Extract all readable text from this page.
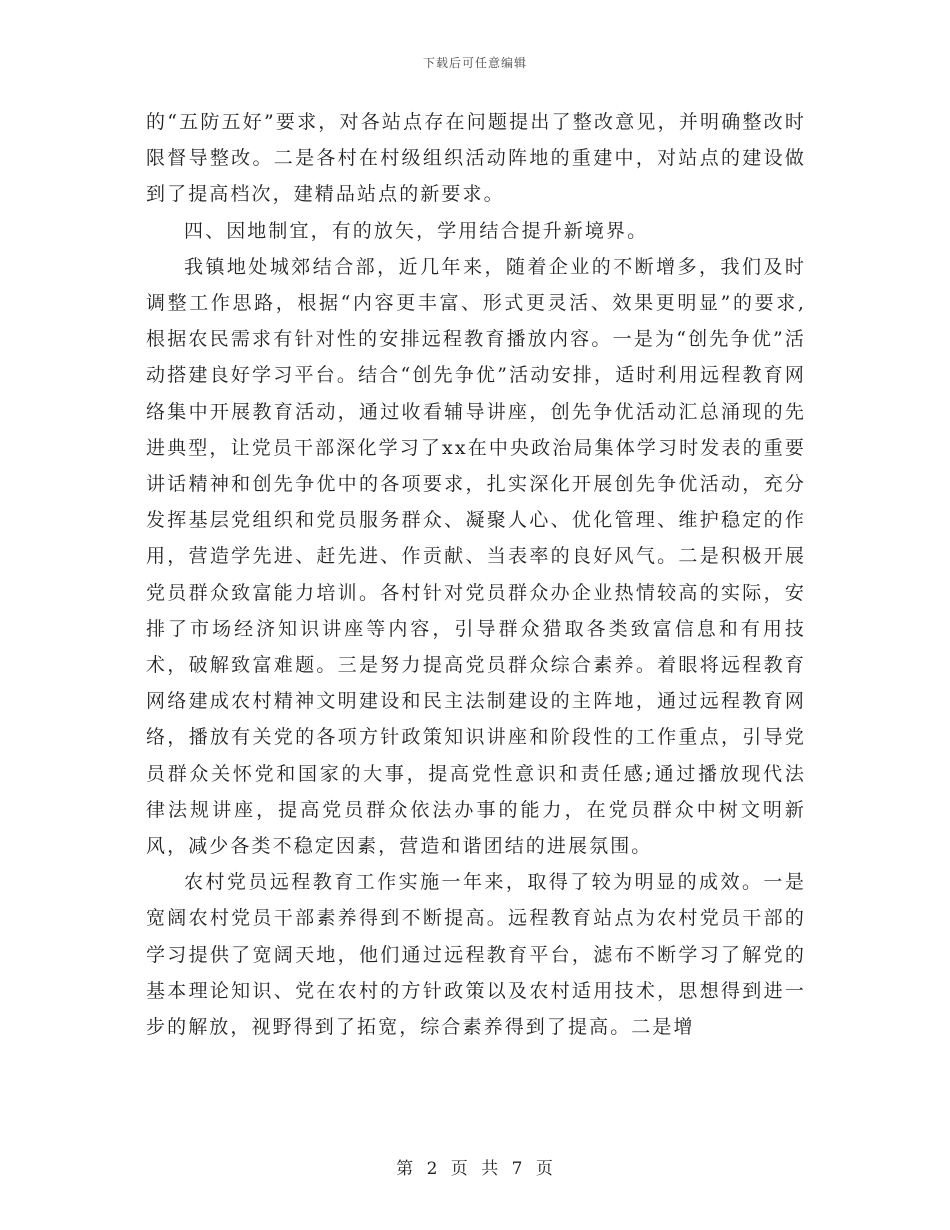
下载后可任意编辑

的“五防五好”要求，对各站点存在问题提出了整改意见，并明确整改时限督导整改。二是各村在村级组织活动阵地的重建中，对站点的建设做到了提高档次，建精品站点的新要求。

四、因地制宜，有的放矢，学用结合提升新境界。

我镇地处城郊结合部，近几年来，随着企业的不断增多，我们及时调整工作思路，根据“内容更丰富、形式更灵活、效果更明显”的要求,根据农民需求有针对性的安排远程教育播放内容。一是为“创先争优”活动搭建良好学习平台。结合“创先争优”活动安排，适时利用远程教育网络集中开展教育活动，通过收看辅导讲座，创先争优活动汇总涌现的先进典型，让党员干部深化学习了xx在中央政治局集体学习时发表的重要讲话精神和创先争优中的各项要求，扎实深化开展创先争优活动，充分发挥基层党组织和党员服务群众、凝聚人心、优化管理、维护稳定的作用，营造学先进、赶先进、作贡献、当表率的良好风气。二是积极开展党员群众致富能力培训。各村针对党员群众办企业热情较高的实际，安排了市场经济知识讲座等内容，引导群众猎取各类致富信息和有用技术，破解致富难题。三是努力提高党员群众综合素养。着眼将远程教育网络建成农村精神文明建设和民主法制建设的主阵地，通过远程教育网络，播放有关党的各项方针政策知识讲座和阶段性的工作重点，引导党员群众关怀党和国家的大事，提高党性意识和责任感;通过播放现代法律法规讲座，提高党员群众依法办事的能力，在党员群众中树文明新风，减少各类不稳定因素，营造和谐团结的进展氛围。

农村党员远程教育工作实施一年来，取得了较为明显的成效。一是宽阔农村党员干部素养得到不断提高。远程教育站点为农村党员干部的学习提供了宽阔天地，他们通过远程教育平台，滤布不断学习了解党的基本理论知识、党在农村的方针政策以及农村适用技术，思想得到进一步的解放，视野得到了拓宽，综合素养得到了提高。二是增

第 2 页 共 7 页
